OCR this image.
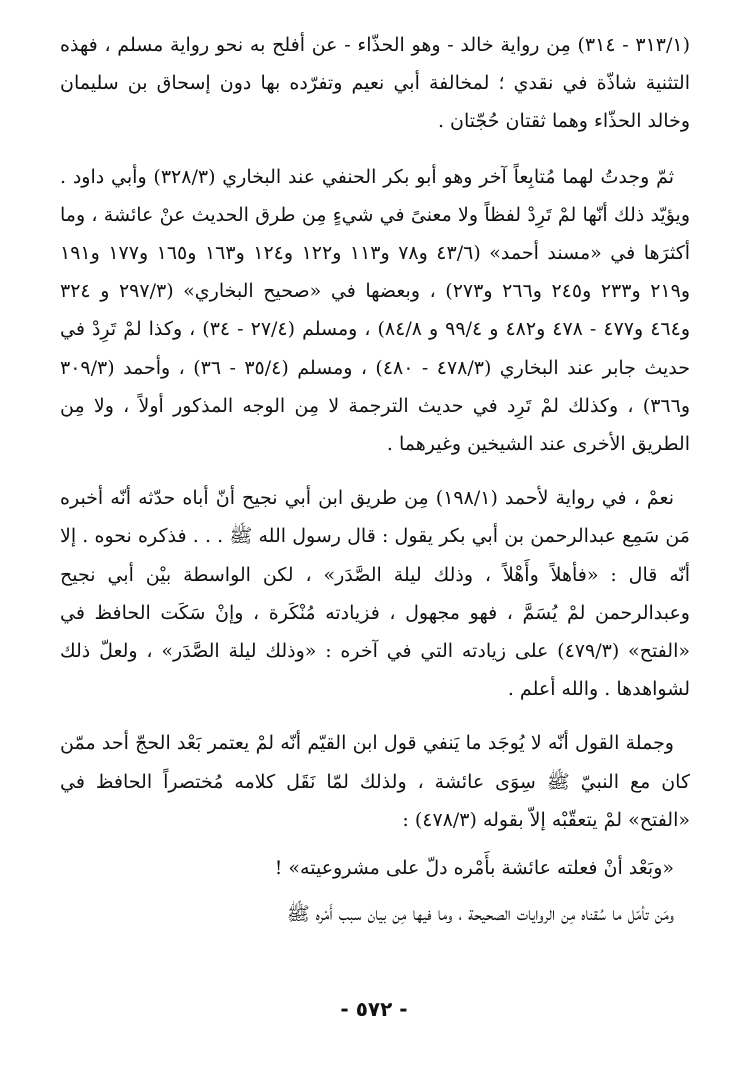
(٣١٣/١ - ٣١٤) مِن رواية خالد - وهو الحذّاء - عن أفلح به نحو رواية مسلم ، فهذه التثنية شاذّة في نقدي ؛ لمخالفة أبي نعيم وتفرّده بها دون إسحاق بن سليمان وخالد الحذّاء وهما ثقتان حُجّتان .

ثمّ وجدتُ لهما مُتابِعاً آخر وهو أبو بكر الحنفي عند البخاري (٣٢٨/٣) وأبي داود . ويؤيّد ذلك أنّها لمْ تَرِدْ لفظاً ولا معنىً في شيءٍ مِن طرق الحديث عنْ عائشة ، وما أكثرَها في «مسند أحمد» (٤٣/٦ و٧٨ و١١٣ و١٢٢ و١٢٤ و١٦٣ و١٦٥ و١٧٧ و١٩١ و٢١٩ و٢٣٣ و٢٤٥ و٢٦٦ و٢٧٣) ، وبعضها في «صحيح البخاري» (٢٩٧/٣ و ٣٢٤ و٤٦٤ و٤٧٧ - ٤٧٨ و٤٨٢ و ٩٩/٤ و ٨٤/٨) ، ومسلم (٢٧/٤ - ٣٤) ، وكذا لمْ تَرِدْ في حديث جابر عند البخاري (٤٧٨/٣ - ٤٨٠) ، ومسلم (٣٥/٤ - ٣٦) ، وأحمد (٣٠٩/٣ و٣٦٦) ، وكذلك لمْ تَرِد في حديث الترجمة لا مِن الوجه المذكور أولاً ، ولا مِن الطريق الأخرى عند الشيخين وغيرهما .

نعمْ ، في رواية لأحمد (١٩٨/١) مِن طريق ابن أبي نجيح أنّ أباه حدّثه أنّه أخبره مَن سَمِع عبدالرحمن بن أبي بكر يقول : قال رسول الله ﷺ . . . فذكره نحوه . إلا أنّه قال : «فأهلاً وأَهْلاً ، وذلك ليلة الصَّدَر» ، لكن الواسطة بيْن أبي نجيح وعبدالرحمن لمْ يُسَمَّ ، فهو مجهول ، فزيادته مُنْكَرة ، وإنْ سَكَت الحافظ في «الفتح» (٤٧٩/٣) على زيادته التي في آخره : «وذلك ليلة الصَّدَر» ، ولعلّ ذلك لشواهدها . والله أعلم .

وجملة القول أنّه لا يُوجَد ما يَنفي قول ابن القيّم أنّه لمْ يعتمر بَعْد الحجّ أحد ممّن كان مع النبيّ ﷺ سِوَى عائشة ، ولذلك لمّا نَقَل كلامه مُختصراً الحافظ في «الفتح» لمْ يتعقّبْه إلاّ بقوله (٤٧٨/٣) :

«وبَعْد أنْ فعلته عائشة بأَمْره دلّ على مشروعيته» !

ومَن تأمّل ما سُقناه مِن الروايات الصحيحة ، وما فيها مِن بيان سبب أَمْره ﷺ

- ٥٧٢ -
